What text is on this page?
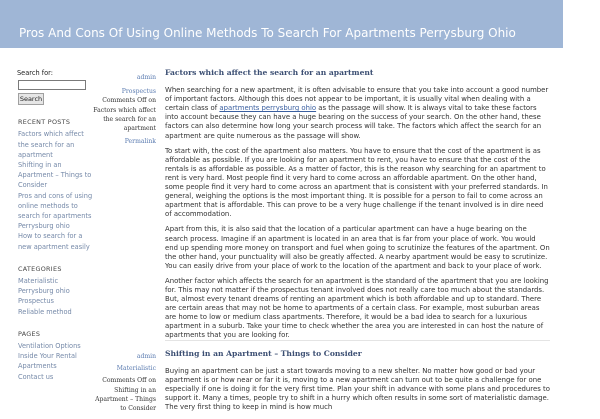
Pros And Cons Of Using Online Methods To Search For Apartments Perrysburg Ohio
Search for:
Search
RECENT POSTS
Factors which affect the search for an apartment
Shifting in an Apartment – Things to Consider
Pros and cons of using online methods to search for apartments Perrysburg ohio
How to search for a new apartment easily
CATEGORIES
Materialistic
Perrysburg ohio
Prospectus
Reliable method
PAGES
Ventilation Options Inside Your Rental Apartments
Contact us
admin
Prospectus
Comments Off on Factors which affect the search for an apartment
Permalink
Factors which affect the search for an apartment

When searching for a new apartment, it is often advisable to ensure that you take into account a good number of important factors. Although this does not appear to be important, it is usually vital when dealing with a certain class of apartments perrysburg ohio as the passage will show. It is always vital to take these factors into account because they can have a huge bearing on the success of your search. On the other hand, these factors can also determine how long your search process will take. The factors which affect the search for an apartment are quite numerous as the passage will show.

To start with, the cost of the apartment also matters. You have to ensure that the cost of the apartment is as affordable as possible. If you are looking for an apartment to rent, you have to ensure that the cost of the rentals is as affordable as possible. As a matter of factor, this is the reason why searching for an apartment to rent is very hard. Most people find it very hard to come across an affordable apartment. On the other hand, some people find it very hard to come across an apartment that is consistent with your preferred standards. In general, weighing the options is the most important thing. It is possible for a person to fail to come across an apartment that is affordable. This can prove to be a very huge challenge if the tenant involved is in dire need of accommodation.

Apart from this, it is also said that the location of a particular apartment can have a huge bearing on the search process. Imagine if an apartment is located in an area that is far from your place of work. You would end up spending more money on transport and fuel when going to scrutinize the features of the apartment. On the other hand, your punctuality will also be greatly affected. A nearby apartment would be easy to scrutinize. You can easily drive from your place of work to the location of the apartment and back to your place of work.

Another factor which affects the search for an apartment is the standard of the apartment that you are looking for. This may not matter if the prospectus tenant involved does not really care too much about the standards. But, almost every tenant dreams of renting an apartment which is both affordable and up to standard. There are certain areas that may not be home to apartments of a certain class. For example, most suburban areas are home to low or medium class apartments. Therefore, it would be a bad idea to search for a luxurious apartment in a suburb. Take your time to check whether the area you are interested in can host the nature of apartments that you are looking for.

admin
Materialistic
Comments Off on Shifting in an Apartment – Things to Consider
Shifting in an Apartment – Things to Consider

Buying an apartment can be just a start towards moving to a new shelter. No matter how good or bad your apartment is or how near or far it is, moving to a new apartment can turn out to be quite a challenge for one especially if one is doing it for the very first time. Plan your shift in advance with some plans and procedures to support it. Many a times, people try to shift in a hurry which often results in some sort of materialistic damage. The very first thing to keep in mind is how much
